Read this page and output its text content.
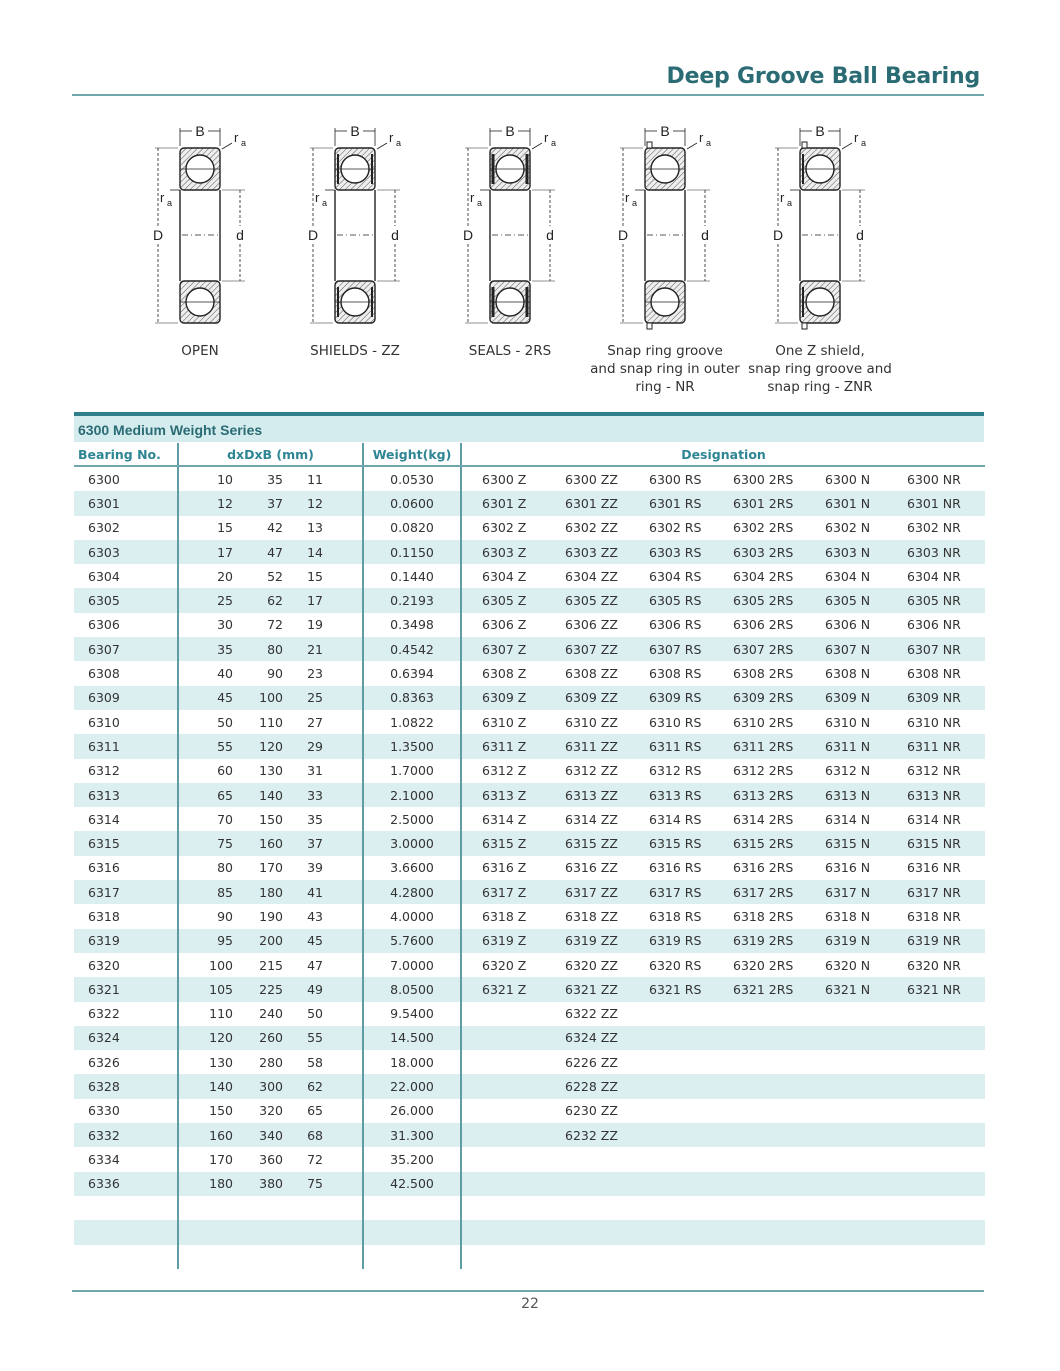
Deep Groove Ball Bearing
B r a
r a
D	d
OPEN
B r a
r a
D	d
SHIELDS - ZZ
B r a
r a
D	d
SEALS - 2RS
B r a
r a
D	d
Snap ring groove
and snap ring in outer
ring - NR
B r a
r a
D	d
One Z shield,
snap ring groove and
snap ring - ZNR
6300 Medium Weight Series
Bearing No.	dxDxB (mm)				Weight(kg)	Designation					
6300	10	35	11		0.0530	6300 Z	6300 ZZ	6300 RS	6300 2RS	6300 N	6300 NR
6301	12	37	12		0.0600	6301 Z	6301 ZZ	6301 RS	6301 2RS	6301 N	6301 NR
6302	15	42	13		0.0820	6302 Z	6302 ZZ	6302 RS	6302 2RS	6302 N	6302 NR
6303	17	47	14		0.1150	6303 Z	6303 ZZ	6303 RS	6303 2RS	6303 N	6303 NR
6304	20	52	15		0.1440	6304 Z	6304 ZZ	6304 RS	6304 2RS	6304 N	6304 NR
6305	25	62	17		0.2193	6305 Z	6305 ZZ	6305 RS	6305 2RS	6305 N	6305 NR
6306	30	72	19		0.3498	6306 Z	6306 ZZ	6306 RS	6306 2RS	6306 N	6306 NR
6307	35	80	21		0.4542	6307 Z	6307 ZZ	6307 RS	6307 2RS	6307 N	6307 NR
6308	40	90	23		0.6394	6308 Z	6308 ZZ	6308 RS	6308 2RS	6308 N	6308 NR
6309	45	100	25		0.8363	6309 Z	6309 ZZ	6309 RS	6309 2RS	6309 N	6309 NR
6310	50	110	27		1.0822	6310 Z	6310 ZZ	6310 RS	6310 2RS	6310 N	6310 NR
6311	55	120	29		1.3500	6311 Z	6311 ZZ	6311 RS	6311 2RS	6311 N	6311 NR
6312	60	130	31		1.7000	6312 Z	6312 ZZ	6312 RS	6312 2RS	6312 N	6312 NR
6313	65	140	33		2.1000	6313 Z	6313 ZZ	6313 RS	6313 2RS	6313 N	6313 NR
6314	70	150	35		2.5000	6314 Z	6314 ZZ	6314 RS	6314 2RS	6314 N	6314 NR
6315	75	160	37		3.0000	6315 Z	6315 ZZ	6315 RS	6315 2RS	6315 N	6315 NR
6316	80	170	39		3.6600	6316 Z	6316 ZZ	6316 RS	6316 2RS	6316 N	6316 NR
6317	85	180	41		4.2800	6317 Z	6317 ZZ	6317 RS	6317 2RS	6317 N	6317 NR
6318	90	190	43		4.0000	6318 Z	6318 ZZ	6318 RS	6318 2RS	6318 N	6318 NR
6319	95	200	45		5.7600	6319 Z	6319 ZZ	6319 RS	6319 2RS	6319 N	6319 NR
6320	100	215	47		7.0000	6320 Z	6320 ZZ	6320 RS	6320 2RS	6320 N	6320 NR
6321	105	225	49		8.0500	6321 Z	6321 ZZ	6321 RS	6321 2RS	6321 N	6321 NR
6322	110	240	50		9.5400		6322 ZZ				
6324	120	260	55		14.500		6324 ZZ				
6326	130	280	58		18.000		6226 ZZ				
6328	140	300	62		22.000		6228 ZZ				
6330	150	320	65		26.000		6230 ZZ				
6332	160	340	68		31.300		6232 ZZ				
6334	170	360	72		35.200						
6336	180	380	75		42.500						

22
